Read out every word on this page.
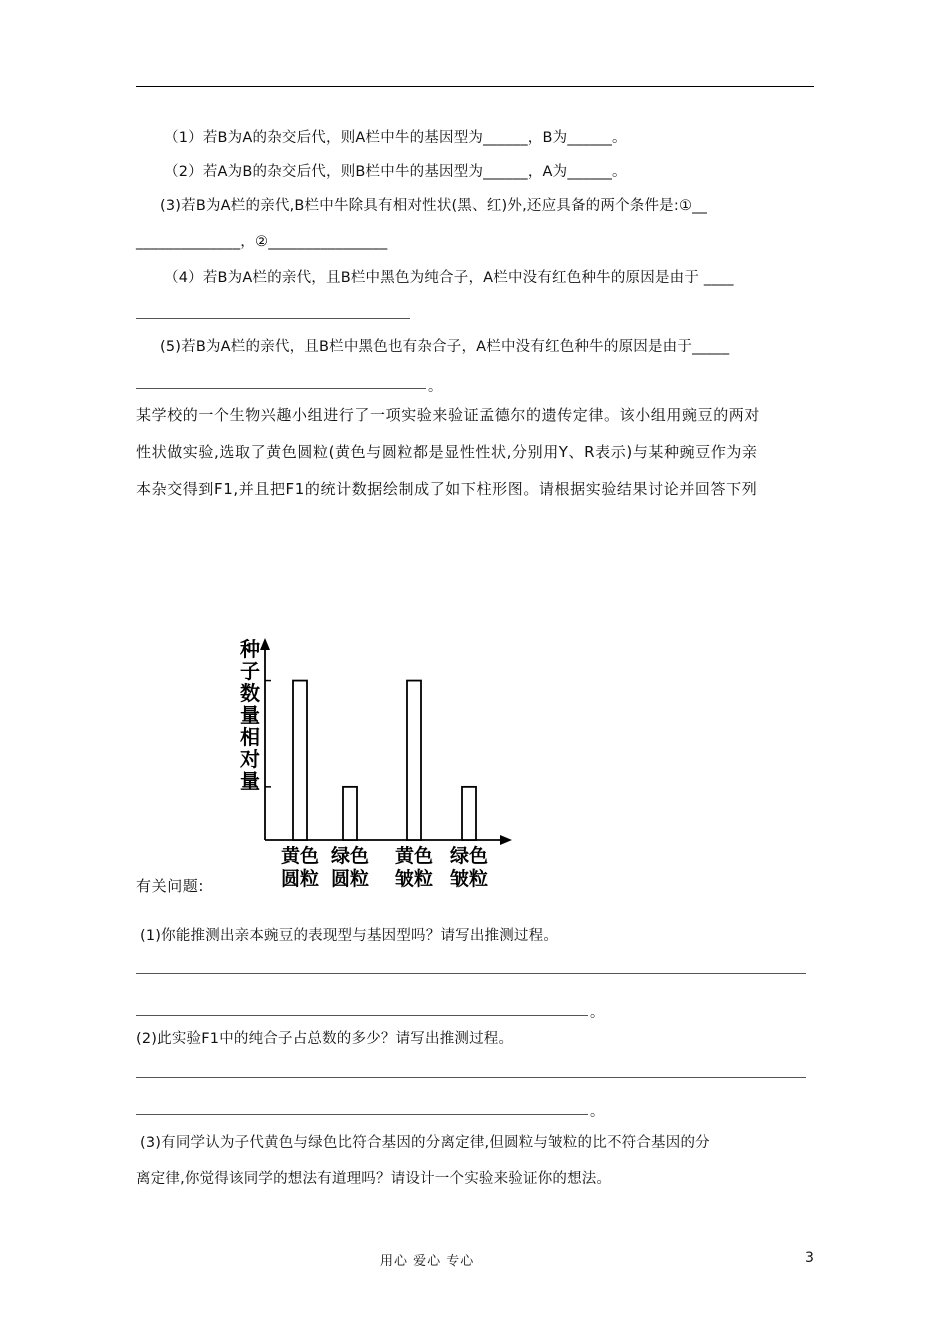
（1）若B为A的杂交后代，则A栏中牛的基因型为______，B为______。
（2）若A为B的杂交后代，则B栏中牛的基因型为______，A为______。
(3)若B为A栏的亲代,B栏中牛除具有相对性状(黑、红)外,还应具备的两个条件是:①__
______________，②________________
（4）若B为A栏的亲代，且B栏中黑色为纯合子，A栏中没有红色种牛的原因是由于 ____
(5)若B为A栏的亲代，且B栏中黑色也有杂合子，A栏中没有红色种牛的原因是由于_____
。
某学校的一个生物兴趣小组进行了一项实验来验证孟德尔的遗传定律。该小组用豌豆的两对
性状做实验,选取了黄色圆粒(黄色与圆粒都是显性性状,分别用Y、R表示)与某种豌豆作为亲
本杂交得到F1,并且把F1的统计数据绘制成了如下柱形图。请根据实验结果讨论并回答下列
种
子
数
量
相
对
量
黄色
圆粒
绿色
圆粒
黄色
皱粒
绿色
皱粒
有关问题:
(1)你能推测出亲本豌豆的表现型与基因型吗？请写出推测过程。
。
(2)此实验F1中的纯合子占总数的多少？请写出推测过程。
。
(3)有同学认为子代黄色与绿色比符合基因的分离定律,但圆粒与皱粒的比不符合基因的分
离定律,你觉得该同学的想法有道理吗？请设计一个实验来验证你的想法。
用心 爱心 专心	3
